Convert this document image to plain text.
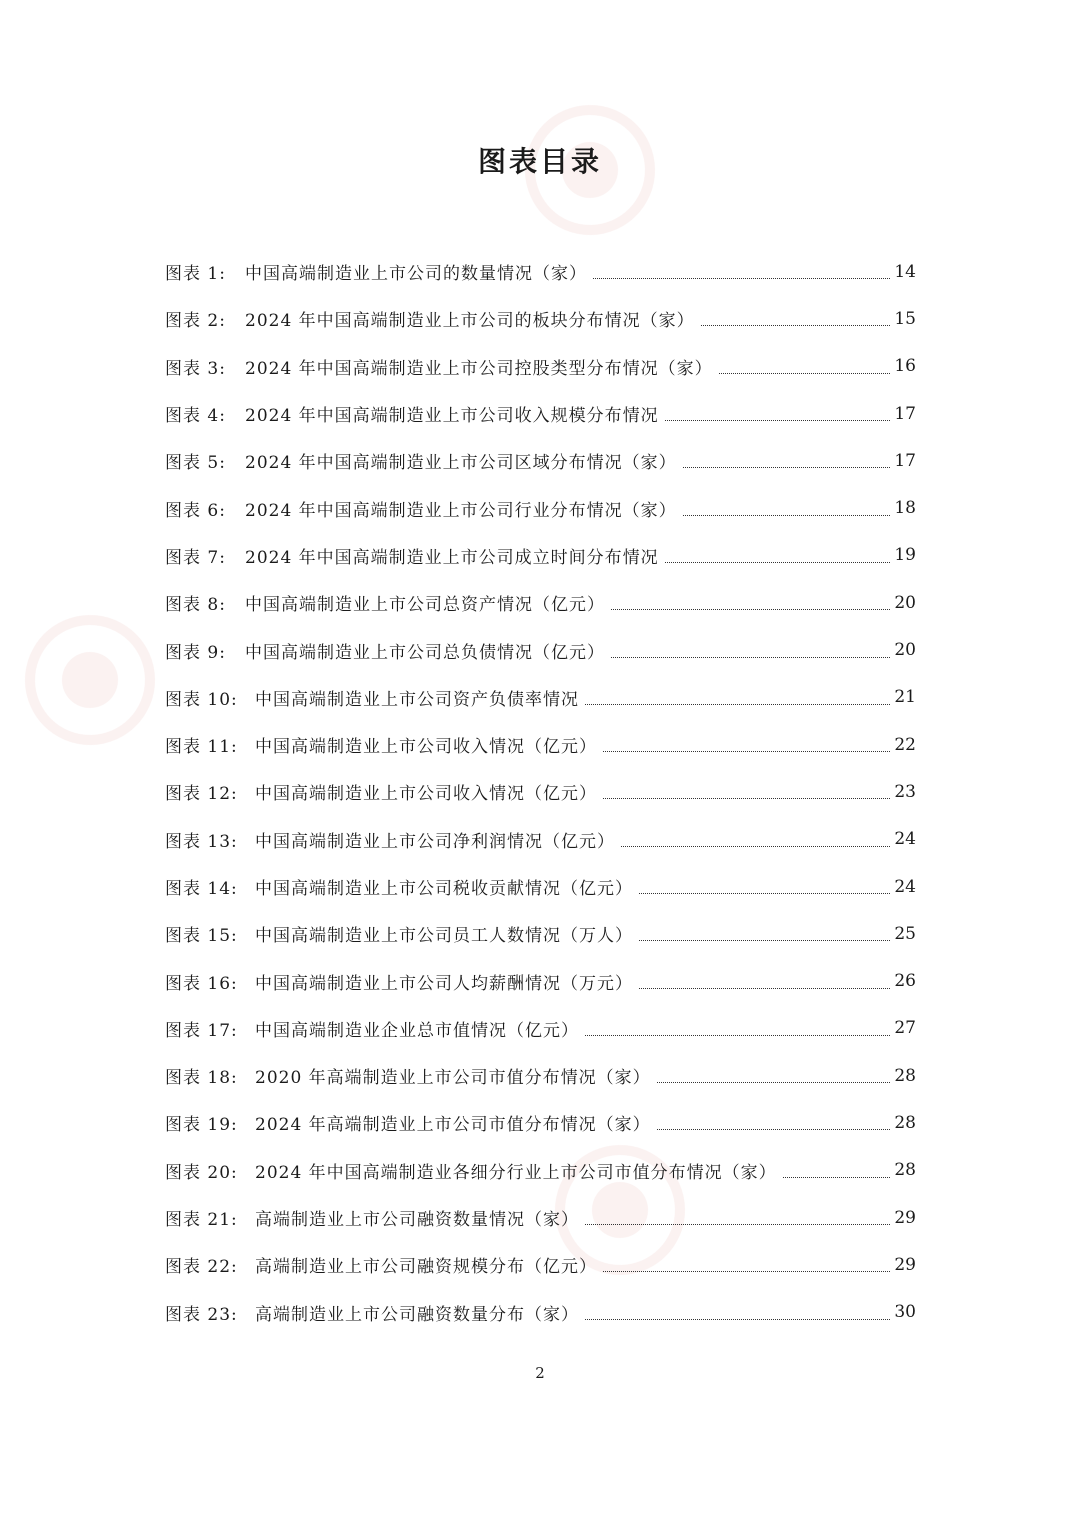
图表目录
图表 1:	中国高端制造业上市公司的数量情况（家）	14
图表 2:	2024 年中国高端制造业上市公司的板块分布情况（家）	15
图表 3:	2024 年中国高端制造业上市公司控股类型分布情况（家）	16
图表 4:	2024 年中国高端制造业上市公司收入规模分布情况	17
图表 5:	2024 年中国高端制造业上市公司区域分布情况（家）	17
图表 6:	2024 年中国高端制造业上市公司行业分布情况（家）	18
图表 7:	2024 年中国高端制造业上市公司成立时间分布情况	19
图表 8:	中国高端制造业上市公司总资产情况（亿元）	20
图表 9:	中国高端制造业上市公司总负债情况（亿元）	20
图表 10:	中国高端制造业上市公司资产负债率情况	21
图表 11:	中国高端制造业上市公司收入情况（亿元）	22
图表 12:	中国高端制造业上市公司收入情况（亿元）	23
图表 13:	中国高端制造业上市公司净利润情况（亿元）	24
图表 14:	中国高端制造业上市公司税收贡献情况（亿元）	24
图表 15:	中国高端制造业上市公司员工人数情况（万人）	25
图表 16:	中国高端制造业上市公司人均薪酬情况（万元）	26
图表 17:	中国高端制造业企业总市值情况（亿元）	27
图表 18:	2020 年高端制造业上市公司市值分布情况（家）	28
图表 19:	2024 年高端制造业上市公司市值分布情况（家）	28
图表 20:	2024 年中国高端制造业各细分行业上市公司市值分布情况（家）	28
图表 21:	高端制造业上市公司融资数量情况（家）	29
图表 22:	高端制造业上市公司融资规模分布（亿元）	29
图表 23:	高端制造业上市公司融资数量分布（家）	30
2
